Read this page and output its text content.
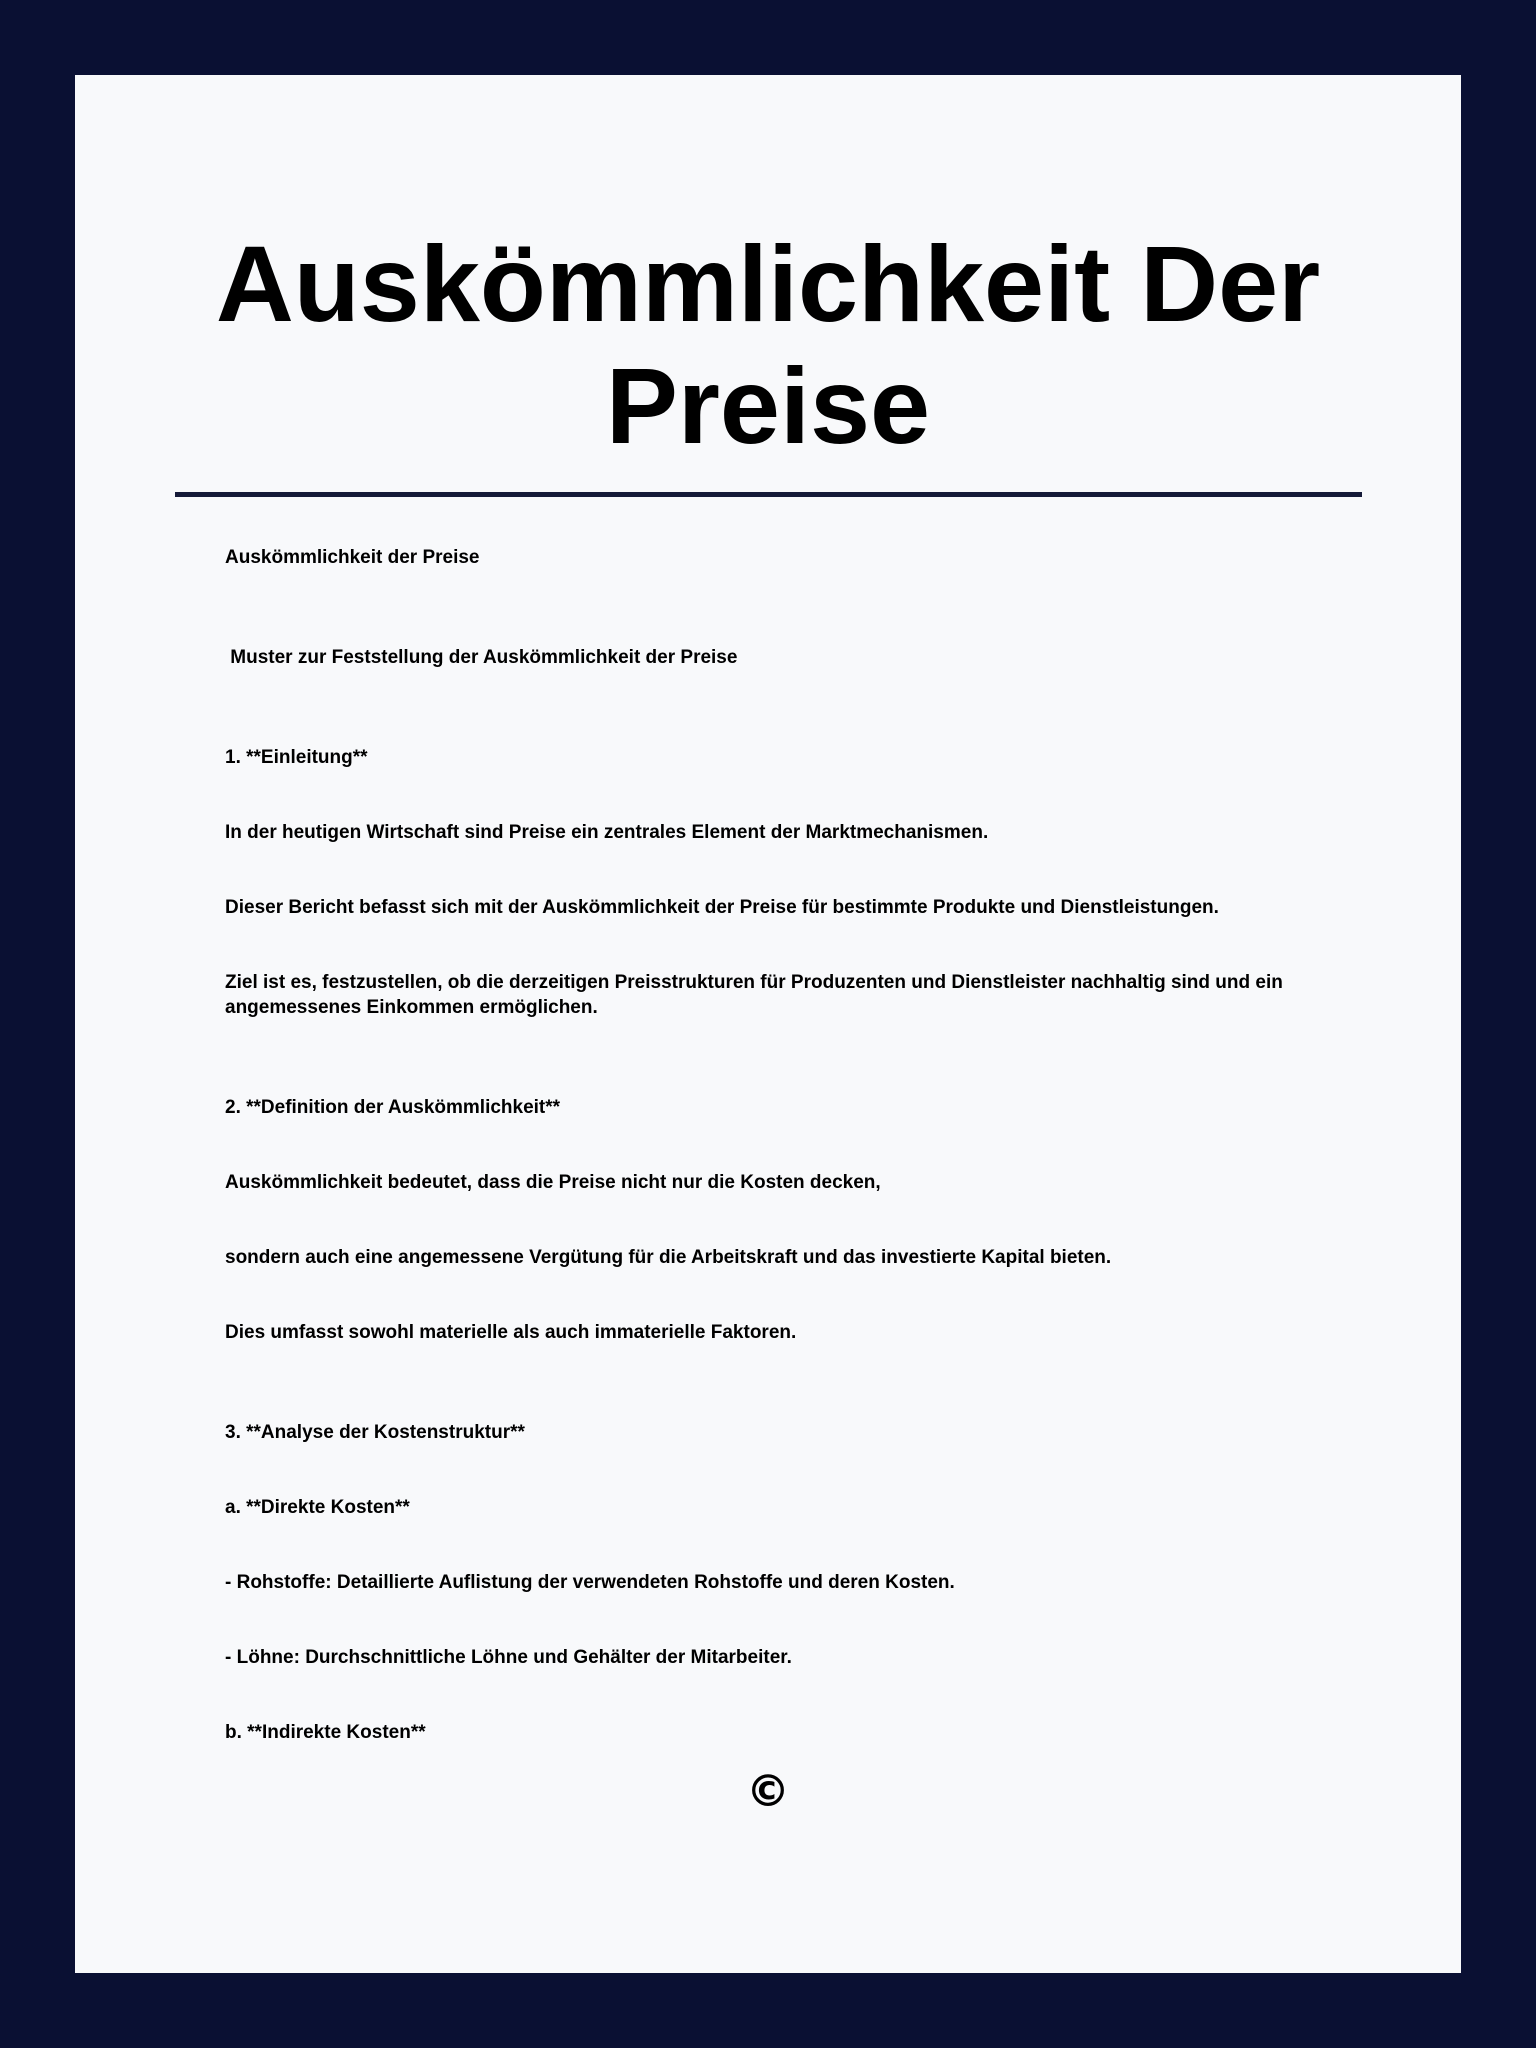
Auskömmlichkeit Der Preise

Auskömmlichkeit der Preise

Muster zur Feststellung der Auskömmlichkeit der Preise

1. **Einleitung**

In der heutigen Wirtschaft sind Preise ein zentrales Element der Marktmechanismen.

Dieser Bericht befasst sich mit der Auskömmlichkeit der Preise für bestimmte Produkte und Dienstleistungen.

Ziel ist es, festzustellen, ob die derzeitigen Preisstrukturen für Produzenten und Dienstleister nachhaltig sind und ein angemessenes Einkommen ermöglichen.

2. **Definition der Auskömmlichkeit**

Auskömmlichkeit bedeutet, dass die Preise nicht nur die Kosten decken,

sondern auch eine angemessene Vergütung für die Arbeitskraft und das investierte Kapital bieten.

Dies umfasst sowohl materielle als auch immaterielle Faktoren.

3. **Analyse der Kostenstruktur**

a. **Direkte Kosten**

- Rohstoffe: Detaillierte Auflistung der verwendeten Rohstoffe und deren Kosten.

- Löhne: Durchschnittliche Löhne und Gehälter der Mitarbeiter.

b. **Indirekte Kosten**

©
